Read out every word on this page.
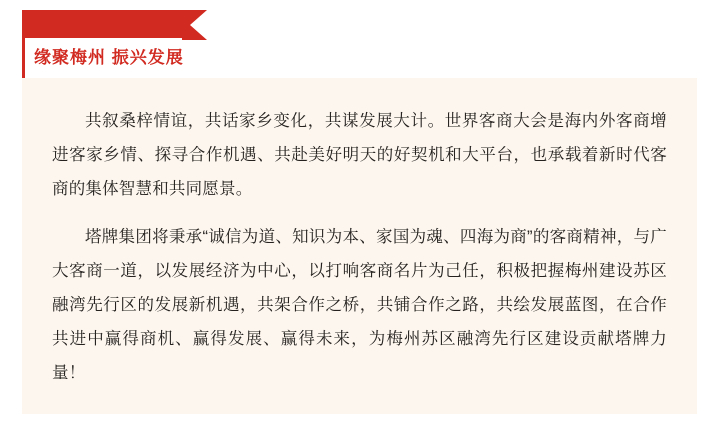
缘聚梅州 振兴发展

共叙桑梓情谊，共话家乡变化，共谋发展大计。世界客商大会是海内外客商增进客家乡情、探寻合作机遇、共赴美好明天的好契机和大平台，也承载着新时代客商的集体智慧和共同愿景。

塔牌集团将秉承“诚信为道、知识为本、家国为魂、四海为商”的客商精神，与广大客商一道，以发展经济为中心，以打响客商名片为己任，积极把握梅州建设苏区融湾先行区的发展新机遇，共架合作之桥，共铺合作之路，共绘发展蓝图，在合作共进中赢得商机、赢得发展、赢得未来，为梅州苏区融湾先行区建设贡献塔牌力量！
